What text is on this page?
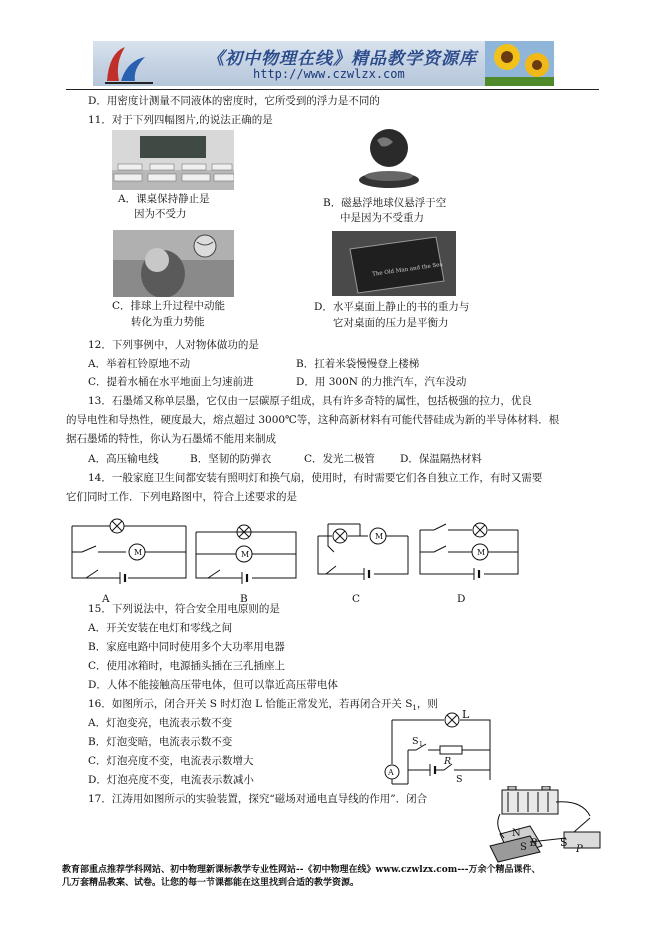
《初中物理在线》精品教学资源库
http://www.czwlzx.com
D．用密度计测量不同液体的密度时，它所受到的浮力是不同的
11．对于下列四幅图片,的说法正确的是
A．课桌保持静止是
因为不受力
B．磁悬浮地球仪悬浮于空
中是因为不受重力
C．排球上升过程中动能
转化为重力势能
The Old Man and the Sea
D．水平桌面上静止的书的重力与
它对桌面的压力是平衡力
12．下列事例中，人对物体做功的是
A．举着杠铃原地不动	B．扛着米袋慢慢登上楼梯
C．提着水桶在水平地面上匀速前进	D．用 300N 的力推汽车，汽车没动
13．石墨烯又称单层墨，它仅由一层碳原子组成，具有许多奇特的属性，包括极强的拉力，优良
的导电性和导热性，硬度最大，熔点超过 3000℃等，这种高新材料有可能代替硅成为新的半导体材料．根
据石墨烯的特性，你认为石墨烯不能用来制成
A．高压输电线	B．坚韧的防弹衣	C．发光二极管 D．保温隔热材料
14．一般家庭卫生间都安装有照明灯和换气扇，使用时，有时需要它们各自独立工作，有时又需要
它们同时工作．下列电路图中，符合上述要求的是
M	M
M
M
A	B	C	D
15．下列说法中，符合安全用电原则的是
A．开关安装在电灯和零线之间
B．家庭电路中同时使用多个大功率用电器
C．使用冰箱时，电源插头插在三孔插座上
D．人体不能接触高压带电体，但可以靠近高压带电体
16．如图所示，闭合开关 S 时灯泡 L 恰能正常发光，若再闭合开关 $S_1$，则
A．灯泡变亮，电流表示数不变
B．灯泡变暗，电流表示数不变
C．灯泡亮度不变，电流表示数增大
D．灯泡亮度不变，电流表示数减小
L
S 1
R
S
A
17．江涛用如图所示的实验装置，探究“磁场对通电直导线的作用”．闭合
N
S B S
P
教育部重点推荐学科网站、初中物理新课标教学专业性网站--《初中物理在线》www.czwlzx.com---万余个精品课件、
几万套精品教案、试卷。让您的每一节课都能在这里找到合适的教学资源。
